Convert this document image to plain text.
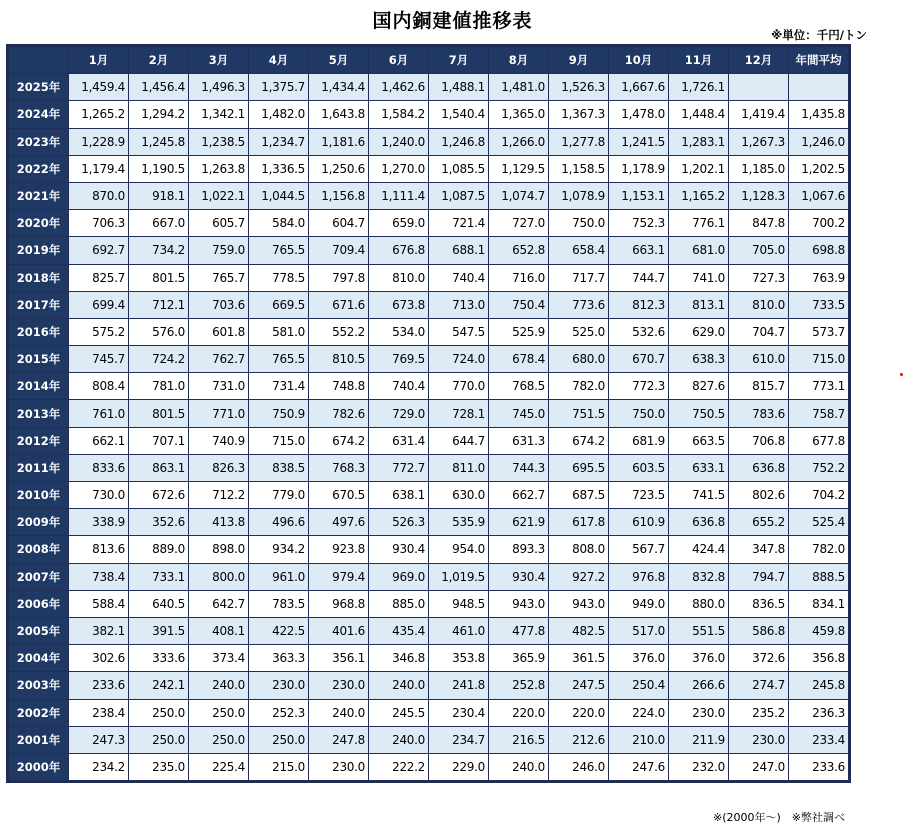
国内銅建値推移表
※単位：千円/トン
	1月	2月	3月	4月	5月	6月	7月	8月	9月	10月	11月	12月	年間平均
2025年	1,459.4	1,456.4	1,496.3	1,375.7	1,434.4	1,462.6	1,488.1	1,481.0	1,526.3	1,667.6	1,726.1		
2024年	1,265.2	1,294.2	1,342.1	1,482.0	1,643.8	1,584.2	1,540.4	1,365.0	1,367.3	1,478.0	1,448.4	1,419.4	1,435.8
2023年	1,228.9	1,245.8	1,238.5	1,234.7	1,181.6	1,240.0	1,246.8	1,266.0	1,277.8	1,241.5	1,283.1	1,267.3	1,246.0
2022年	1,179.4	1,190.5	1,263.8	1,336.5	1,250.6	1,270.0	1,085.5	1,129.5	1,158.5	1,178.9	1,202.1	1,185.0	1,202.5
2021年	870.0	918.1	1,022.1	1,044.5	1,156.8	1,111.4	1,087.5	1,074.7	1,078.9	1,153.1	1,165.2	1,128.3	1,067.6
2020年	706.3	667.0	605.7	584.0	604.7	659.0	721.4	727.0	750.0	752.3	776.1	847.8	700.2
2019年	692.7	734.2	759.0	765.5	709.4	676.8	688.1	652.8	658.4	663.1	681.0	705.0	698.8
2018年	825.7	801.5	765.7	778.5	797.8	810.0	740.4	716.0	717.7	744.7	741.0	727.3	763.9
2017年	699.4	712.1	703.6	669.5	671.6	673.8	713.0	750.4	773.6	812.3	813.1	810.0	733.5
2016年	575.2	576.0	601.8	581.0	552.2	534.0	547.5	525.9	525.0	532.6	629.0	704.7	573.7
2015年	745.7	724.2	762.7	765.5	810.5	769.5	724.0	678.4	680.0	670.7	638.3	610.0	715.0
2014年	808.4	781.0	731.0	731.4	748.8	740.4	770.0	768.5	782.0	772.3	827.6	815.7	773.1
2013年	761.0	801.5	771.0	750.9	782.6	729.0	728.1	745.0	751.5	750.0	750.5	783.6	758.7
2012年	662.1	707.1	740.9	715.0	674.2	631.4	644.7	631.3	674.2	681.9	663.5	706.8	677.8
2011年	833.6	863.1	826.3	838.5	768.3	772.7	811.0	744.3	695.5	603.5	633.1	636.8	752.2
2010年	730.0	672.6	712.2	779.0	670.5	638.1	630.0	662.7	687.5	723.5	741.5	802.6	704.2
2009年	338.9	352.6	413.8	496.6	497.6	526.3	535.9	621.9	617.8	610.9	636.8	655.2	525.4
2008年	813.6	889.0	898.0	934.2	923.8	930.4	954.0	893.3	808.0	567.7	424.4	347.8	782.0
2007年	738.4	733.1	800.0	961.0	979.4	969.0	1,019.5	930.4	927.2	976.8	832.8	794.7	888.5
2006年	588.4	640.5	642.7	783.5	968.8	885.0	948.5	943.0	943.0	949.0	880.0	836.5	834.1
2005年	382.1	391.5	408.1	422.5	401.6	435.4	461.0	477.8	482.5	517.0	551.5	586.8	459.8
2004年	302.6	333.6	373.4	363.3	356.1	346.8	353.8	365.9	361.5	376.0	376.0	372.6	356.8
2003年	233.6	242.1	240.0	230.0	230.0	240.0	241.8	252.8	247.5	250.4	266.6	274.7	245.8
2002年	238.4	250.0	250.0	252.3	240.0	245.5	230.4	220.0	220.0	224.0	230.0	235.2	236.3
2001年	247.3	250.0	250.0	250.0	247.8	240.0	234.7	216.5	212.6	210.0	211.9	230.0	233.4
2000年	234.2	235.0	225.4	215.0	230.0	222.2	229.0	240.0	246.0	247.6	232.0	247.0	233.6
※(2000年～)　※弊社調べ
